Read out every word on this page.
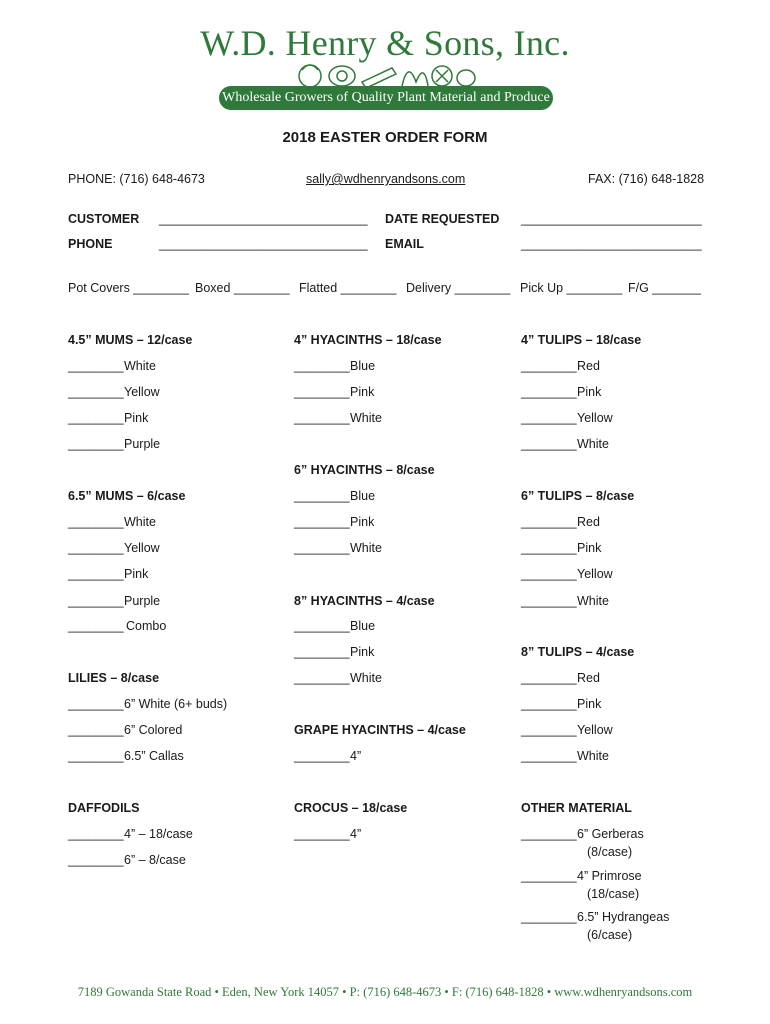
W.D. Henry & Sons, Inc.
Wholesale Growers of Quality Plant Material and Produce
2018 EASTER ORDER FORM
PHONE: (716) 648-4673	sally@wdhenryandsons.com	FAX: (716) 648-1828
CUSTOMER ______________________________ DATE REQUESTED __________________________
PHONE	______________________________ EMAIL	__________________________
Pot Covers ________ Boxed ________ Flatted ________ Delivery ________ Pick Up ________ F/G _______
4.5” MUMS – 12/case
________White
________Yellow
________Pink
________Purple
6.5” MUMS – 6/case
________White
________Yellow
________Pink
________Purple
________ Combo
LILIES – 8/case
________6” White (6+ buds)
________6” Colored
________6.5” Callas
DAFFODILS
________4” – 18/case
________6” – 8/case
4” HYACINTHS – 18/case
________Blue
________Pink
________White
6” HYACINTHS – 8/case
________Blue
________Pink
________White
8” HYACINTHS – 4/case
________Blue
________Pink
________White
GRAPE HYACINTHS – 4/case
________4”
CROCUS – 18/case
________4”
4” TULIPS – 18/case
________Red
________Pink
________Yellow
________White
6” TULIPS – 8/case
________Red
________Pink
________Yellow
________White
8” TULIPS – 4/case
________Red
________Pink
________Yellow
________White
OTHER MATERIAL
________6” Gerberas
(8/case)
________4” Primrose
(18/case)
________6.5” Hydrangeas
(6/case)
7189 Gowanda State Road • Eden, New York 14057 • P: (716) 648-4673 • F: (716) 648-1828 • www.wdhenryandsons.com
